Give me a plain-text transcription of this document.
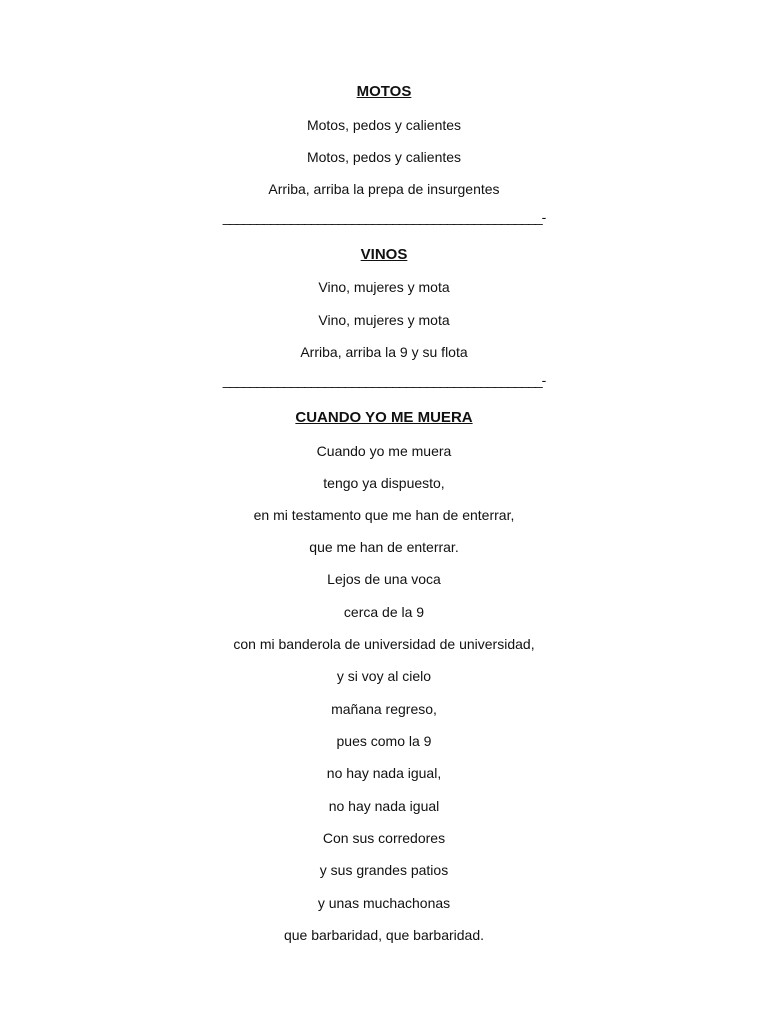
MOTOS
Motos, pedos y calientes
Motos, pedos y calientes
Arriba, arriba la prepa de insurgentes
_______________________________________________-
VINOS
Vino, mujeres y mota
Vino, mujeres y mota
Arriba, arriba la 9 y su flota
_______________________________________________-
CUANDO YO ME MUERA
Cuando yo me muera
tengo ya dispuesto,
en mi testamento que me han de enterrar,
que me han de enterrar.
Lejos de una voca
cerca de la 9
con mi banderola de universidad de universidad,
y si voy al cielo
mañana regreso,
pues como la 9
no hay nada igual,
no hay nada igual
Con sus corredores
y sus grandes patios
y unas muchachonas
que barbaridad, que barbaridad.
